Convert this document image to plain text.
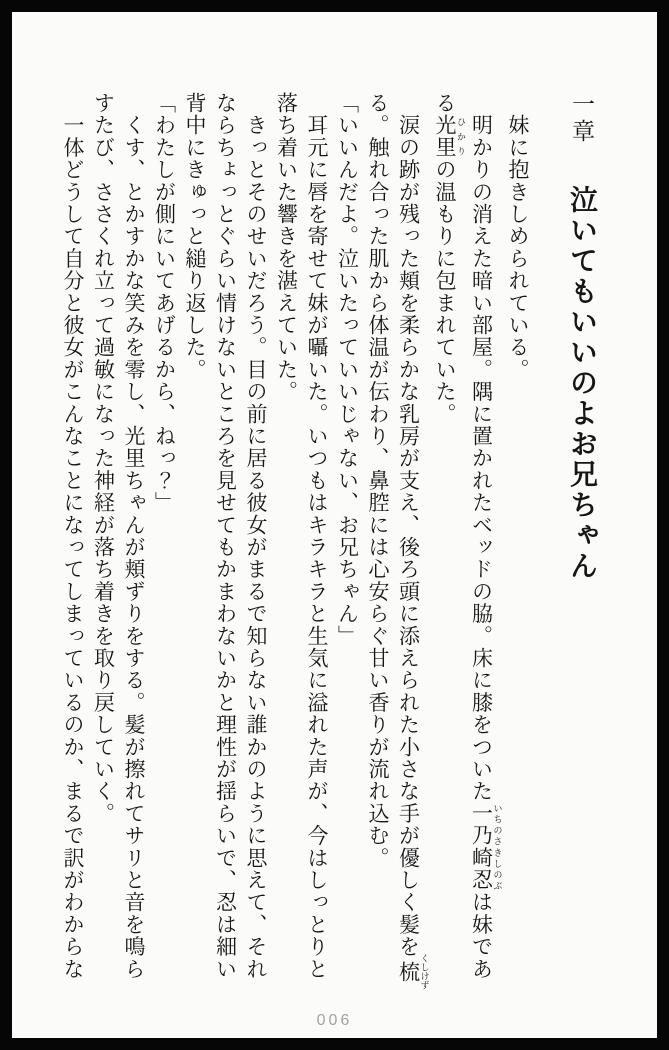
一章 泣いてもいいのよお兄ちゃん

　妹に抱きしめられている。

　明かりの消えた暗い部屋。隅に置かれたベッドの脇。床に膝をついた一乃崎忍 いちのさきしのぶは妹であ

る光里 ひかりの温もりに包まれていた。

　涙の跡が残った頬を柔らかな乳房が支え、後ろ頭に添えられた小さな手が優しく髪を梳 くしけず

る。触れ合った肌から体温が伝わり、鼻腔には心安らぐ甘い香りが流れ込む。

「いいんだよ。泣いたっていいじゃない、お兄ちゃん」

　耳元に唇を寄せて妹が囁いた。いつもはキラキラと生気に溢れた声が、今はしっとりと

落ち着いた響きを湛えていた。

　きっとそのせいだろう。目の前に居る彼女がまるで知らない誰かのように思えて、それ

ならちょっとぐらい情けないところを見せてもかまわないかと理性が揺らいで、忍は細い

背中にきゅっと縋り返した。

「わたしが側にいてあげるから、ねっ？」

　くす、とかすかな笑みを零し、光里ちゃんが頬ずりをする。髪が擦れてサリと音を鳴ら

すたび、ささくれ立って過敏になった神経が落ち着きを取り戻していく。

　一体どうして自分と彼女がこんなことになってしまっているのか、まるで訳がわからな

006
